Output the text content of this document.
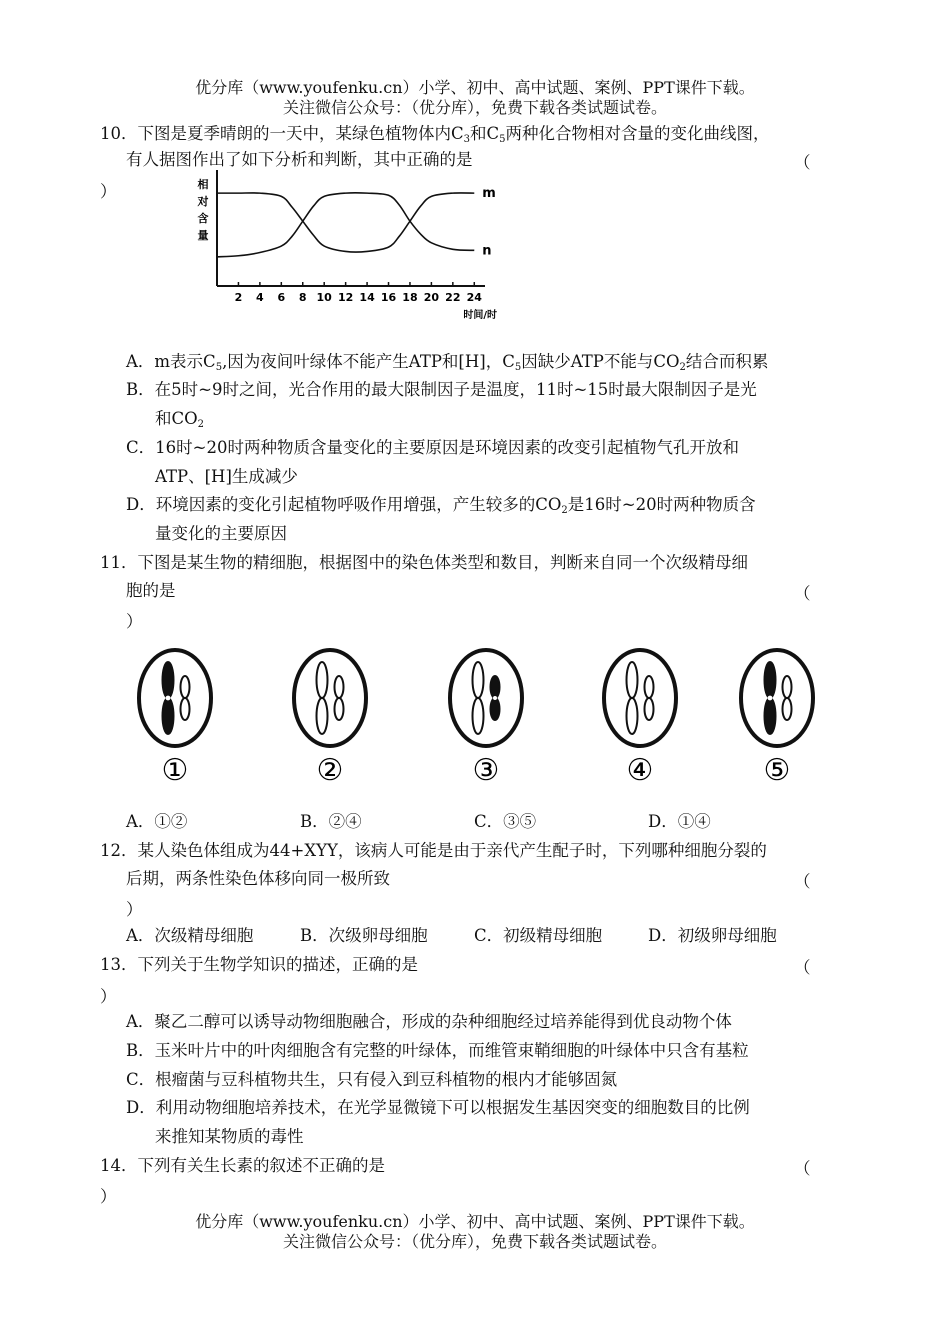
优分库（www.youfenku.cn）小学、初中、高中试题、案例、PPT课件下载。
关注微信公众号：（优分库），免费下载各类试题试卷。
10．下图是夏季晴朗的一天中，某绿色植物体内$C_3$和$C_5$两种化合物相对含量的变化曲线图，
有人据图作出了如下分析和判断，其中正确的是	（
）	相
对
含
量
2 4 6 8 10 12 14 16 18 20 22 24
时间/时
m
n
A．m表示$C_5$,因为夜间叶绿体不能产生ATP和[H]，$C_5$因缺少ATP不能与$CO_2$结合而积累
B．在5时~9时之间，光合作用的最大限制因子是温度，11时~15时最大限制因子是光
和$CO_2$
C．16时~20时两种物质含量变化的主要原因是环境因素的改变引起植物气孔开放和
ATP、[H]生成减少
D．环境因素的变化引起植物呼吸作用增强，产生较多的$CO_2$是16时~20时两种物质含
量变化的主要原因
11．下图是某生物的精细胞，根据图中的染色体类型和数目，判断来自同一个次级精母细
胞的是	（
）
①	②	③	④	⑤
A．①②	B．②④	C．③⑤	D．①④
12．某人染色体组成为44+XYY，该病人可能是由于亲代产生配子时，下列哪种细胞分裂的
后期，两条性染色体移向同一极所致	（
）
A．次级精母细胞	B．次级卵母细胞	C．初级精母细胞	D．初级卵母细胞
13．下列关于生物学知识的描述，正确的是	（
）
A．聚乙二醇可以诱导动物细胞融合，形成的杂种细胞经过培养能得到优良动物个体
B．玉米叶片中的叶肉细胞含有完整的叶绿体，而维管束鞘细胞的叶绿体中只含有基粒
C．根瘤菌与豆科植物共生，只有侵入到豆科植物的根内才能够固氮
D．利用动物细胞培养技术，在光学显微镜下可以根据发生基因突变的细胞数目的比例
来推知某物质的毒性
14．下列有关生长素的叙述不正确的是	（
）
优分库（www.youfenku.cn）小学、初中、高中试题、案例、PPT课件下载。
关注微信公众号：（优分库），免费下载各类试题试卷。
